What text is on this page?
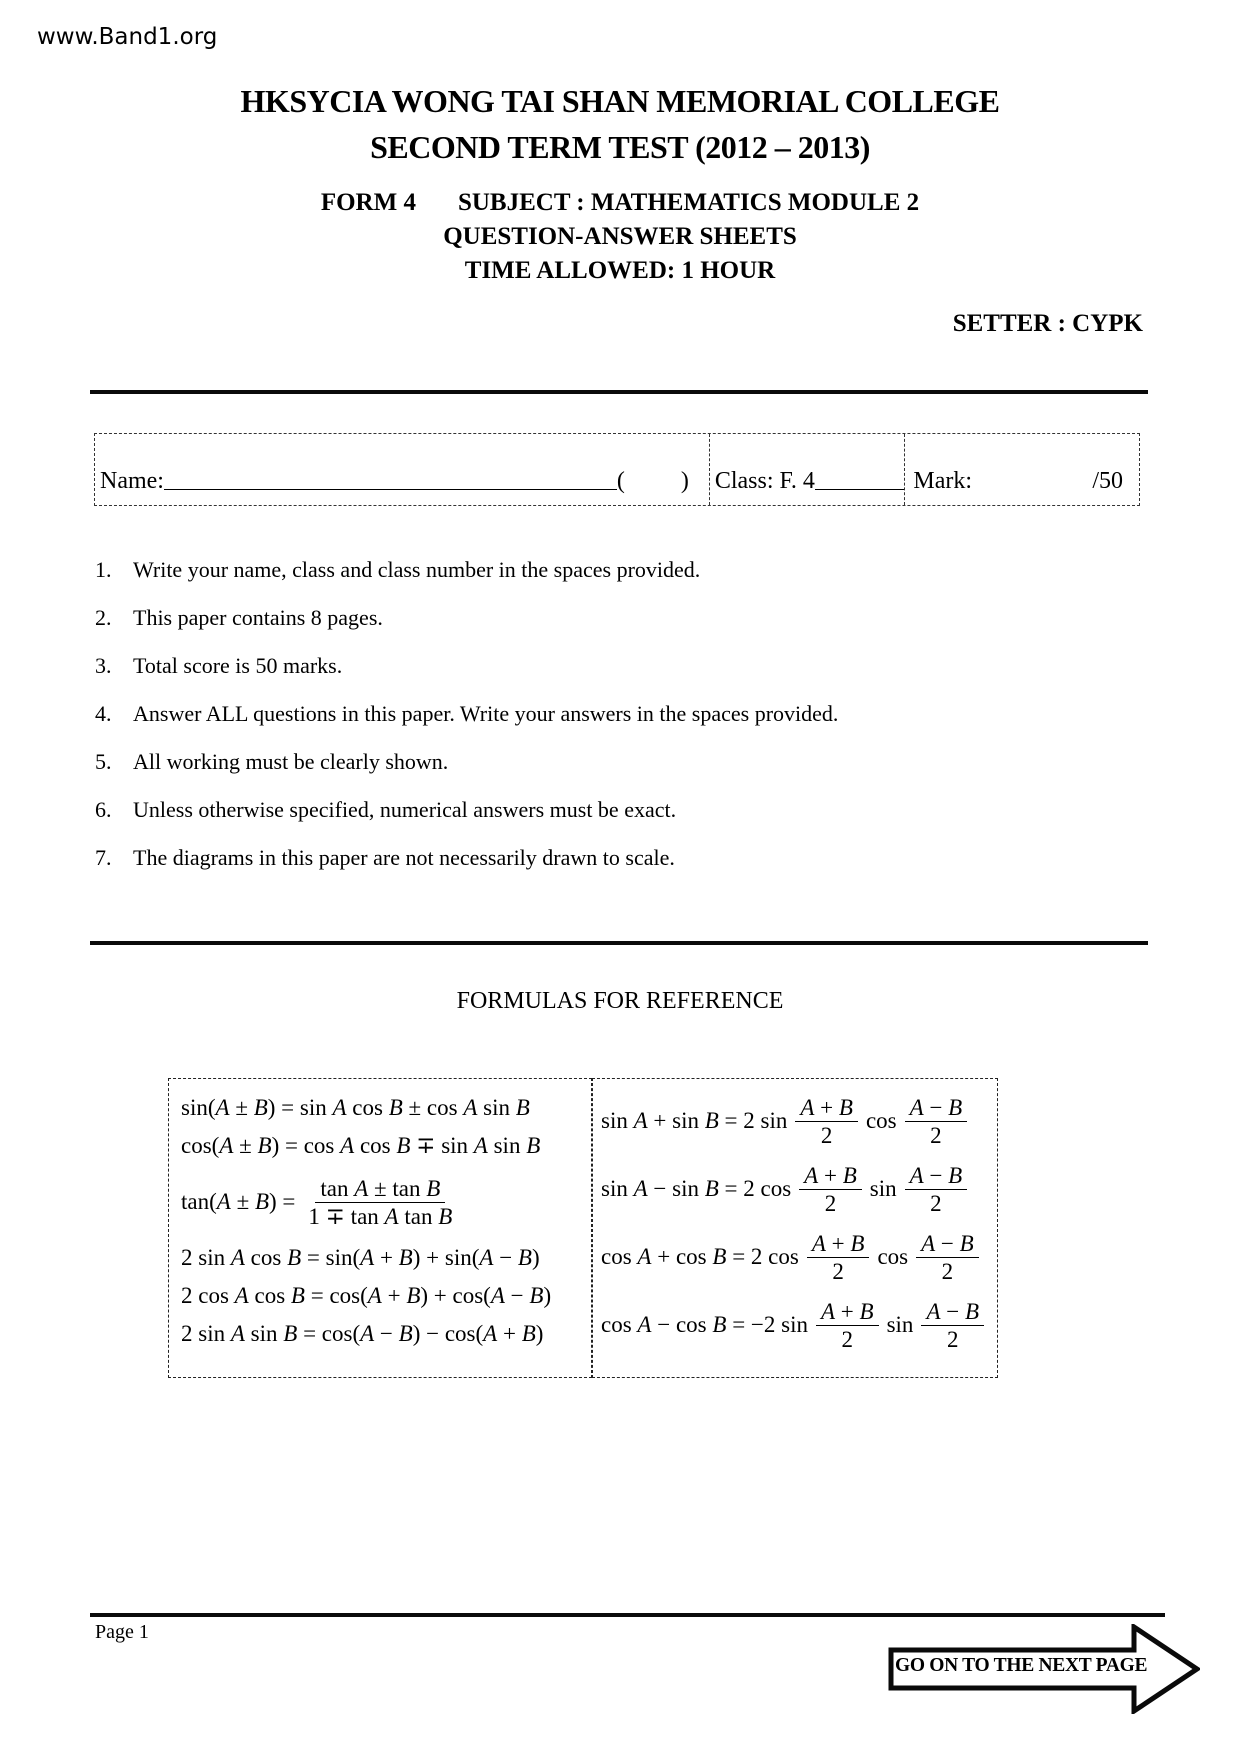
www.Band1.org
HKSYCIA WONG TAI SHAN MEMORIAL COLLEGE
SECOND TERM TEST (2012 – 2013)
FORM 4 SUBJECT : MATHEMATICS MODULE 2
QUESTION-ANSWER SHEETS
TIME ALLOWED: 1 HOUR
SETTER : CYPK
Name:	( ) Class: F. 4	Mark:	/50
1. Write your name, class and class number in the spaces provided.
2. This paper contains 8 pages.
3. Total score is 50 marks.
4. Answer ALL questions in this paper. Write your answers in the spaces provided.
5. All working must be clearly shown.
6. Unless otherwise specified, numerical answers must be exact.
7. The diagrams in this paper are not necessarily drawn to scale.
FORMULAS FOR REFERENCE
sin(A ± B) = sin A cos B ± cos A sin B
cos(A ± B) = cos A cos B ∓ sin A sin B
$\tan(A \pm B) = \frac{\text{tan A ± tan B}}{\text{1 ∓ tan A tan B}}$
2 sin A cos B = sin(A + B) + sin(A − B)
2 cos A cos B = cos(A + B) + cos(A − B)
2 sin A sin B = cos(A − B) − cos(A + B)
sin A + sin B = 2 $\sin \frac{A + B}{2}$ $\cos \frac{A - B}{2}$
sin A − sin B = 2 $\cos \frac{A + B}{2}$ $\sin \frac{A - B}{2}$
cos A + cos B = 2 $\cos \frac{A + B}{2}$ $\cos \frac{A - B}{2}$
cos A − cos B = −2 $\sin \frac{A + B}{2}$ $\sin \frac{A - B}{2}$
Page 1
GO ON TO THE NEXT PAGE
